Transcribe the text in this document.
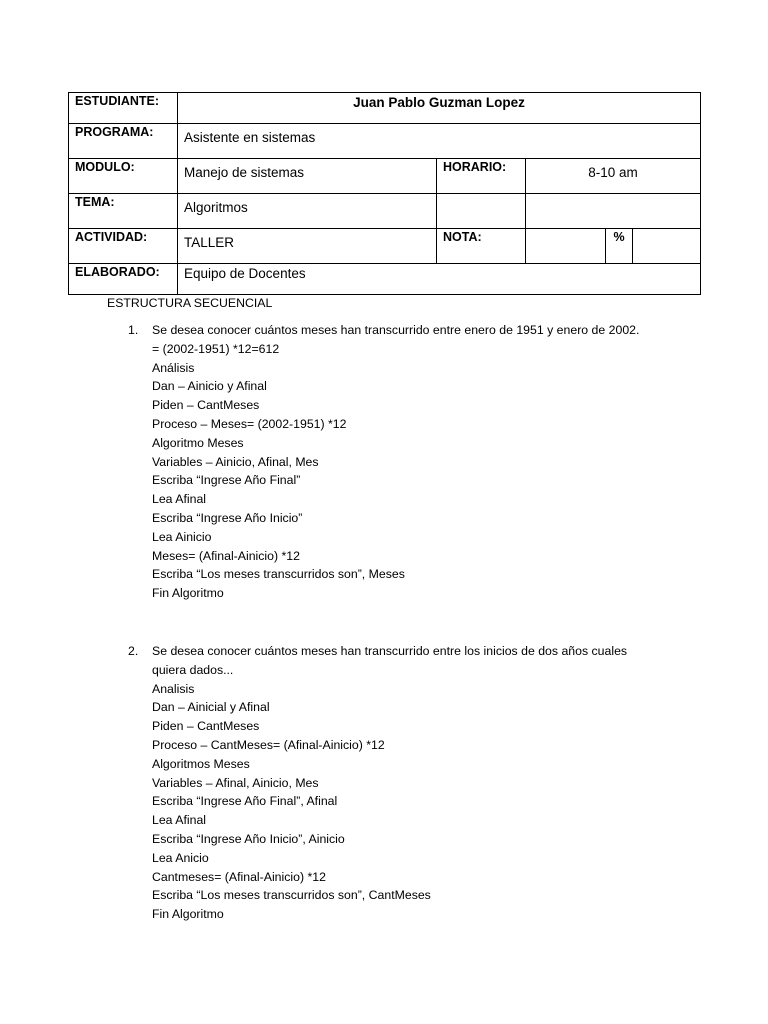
ESTUDIANTE:	Juan Pablo Guzman Lopez				
PROGRAMA:	Asistente en sistemas				
MODULO:	Manejo de sistemas	HORARIO:	8-10 am		
TEMA:	Algoritmos				
ACTIVIDAD:	TALLER	NOTA:		%	
ELABORADO:	Equipo de Docentes				
ESTRUCTURA SECUENCIAL
1. Se desea conocer cuántos meses han transcurrido entre enero de 1951 y enero de 2002.
= (2002-1951) *12=612
Análisis
Dan – Ainicio y Afinal
Piden – CantMeses
Proceso – Meses= (2002-1951) *12
Algoritmo Meses
Variables – Ainicio, Afinal, Mes
Escriba “Ingrese Año Final”
Lea Afinal
Escriba “Ingrese Año Inicio”
Lea Ainicio
Meses= (Afinal-Ainicio) *12
Escriba “Los meses transcurridos son”, Meses
Fin Algoritmo
2. Se desea conocer cuántos meses han transcurrido entre los inicios de dos años cuales
quiera dados...
Analisis
Dan – Ainicial y Afinal
Piden – CantMeses
Proceso – CantMeses= (Afinal-Ainicio) *12
Algoritmos Meses
Variables – Afinal, Ainicio, Mes
Escriba “Ingrese Año Final”, Afinal
Lea Afinal
Escriba “Ingrese Año Inicio”, Ainicio
Lea Anicio
Cantmeses= (Afinal-Ainicio) *12
Escriba “Los meses transcurridos son”, CantMeses
Fin Algoritmo
